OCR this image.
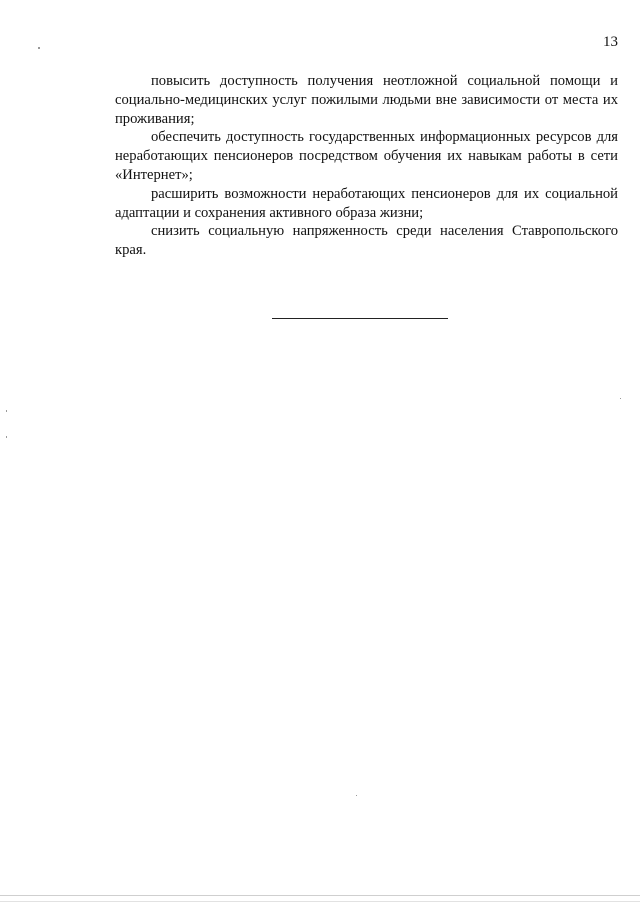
13

повысить доступность получения неотложной социальной помощи и социально-медицинских услуг пожилыми людьми вне зависимости от места их проживания;

обеспечить доступность государственных информационных ресурсов для неработающих пенсионеров посредством обучения их навыкам работы в сети «Интернет»;

расширить возможности неработающих пенсионеров для их социальной адаптации и сохранения активного образа жизни;

снизить социальную напряженность среди населения Ставропольского края.
